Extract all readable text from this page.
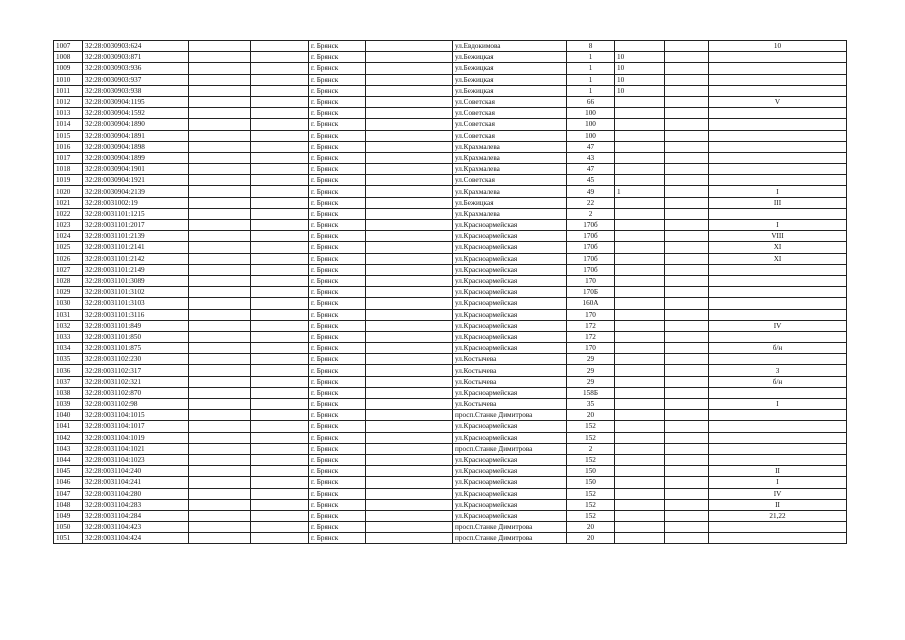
1007	32:28:0030903:624			г. Брянск		ул.Евдокимова	8			10
1008	32:28:0030903:871			г. Брянск		ул.Бежицкая	1	10		
1009	32:28:0030903:936			г. Брянск		ул.Бежицкая	1	10		
1010	32:28:0030903:937			г. Брянск		ул.Бежицкая	1	10		
1011	32:28:0030903:938			г. Брянск		ул.Бежицкая	1	10		
1012	32:28:0030904:1195			г. Брянск		ул.Советская	66			V
1013	32:28:0030904:1592			г. Брянск		ул.Советская	100			
1014	32:28:0030904:1890			г. Брянск		ул.Советская	100			
1015	32:28:0030904:1891			г. Брянск		ул.Советская	100			
1016	32:28:0030904:1898			г. Брянск		ул.Крахмалева	47			
1017	32:28:0030904:1899			г. Брянск		ул.Крахмалева	43			
1018	32:28:0030904:1901			г. Брянск		ул.Крахмалева	47			
1019	32:28:0030904:1921			г. Брянск		ул.Советская	45			
1020	32:28:0030904:2139			г. Брянск		ул.Крахмалева	49	1		I
1021	32:28:0031002:19			г. Брянск		ул.Бежицкая	22			III
1022	32:28:0031101:1215			г. Брянск		ул.Крахмалева	2			
1023	32:28:0031101:2017			г. Брянск		ул.Красноармейская	170б			I
1024	32:28:0031101:2139			г. Брянск		ул.Красноармейская	170б			VIII
1025	32:28:0031101:2141			г. Брянск		ул.Красноармейская	170б			XI
1026	32:28:0031101:2142			г. Брянск		ул.Красноармейская	170б			XI
1027	32:28:0031101:2149			г. Брянск		ул.Красноармейская	170б			
1028	32:28:0031101:3089			г. Брянск		ул.Красноармейская	170			
1029	32:28:0031101:3102			г. Брянск		ул.Красноармейская	170Б			
1030	32:28:0031101:3103			г. Брянск		ул.Красноармейская	160А			
1031	32:28:0031101:3116			г. Брянск		ул.Красноармейская	170			
1032	32:28:0031101:849			г. Брянск		ул.Красноармейская	172			IV
1033	32:28:0031101:850			г. Брянск		ул.Красноармейская	172			
1034	32:28:0031101:875			г. Брянск		ул.Красноармейская	170			б/н
1035	32:28:0031102:230			г. Брянск		ул.Костычева	29			
1036	32:28:0031102:317			г. Брянск		ул.Костычева	29			3
1037	32:28:0031102:321			г. Брянск		ул.Костычева	29			б/н
1038	32:28:0031102:870			г. Брянск		ул.Красноармейская	158Б			
1039	32:28:0031102:98			г. Брянск		ул.Костычева	35			I
1040	32:28:0031104:1015			г. Брянск		просп.Станке Димитрова	20			
1041	32:28:0031104:1017			г. Брянск		ул.Красноармейская	152			
1042	32:28:0031104:1019			г. Брянск		ул.Красноармейская	152			
1043	32:28:0031104:1021			г. Брянск		просп.Станке Димитрова	2			
1044	32:28:0031104:1023			г. Брянск		ул.Красноармейская	152			
1045	32:28:0031104:240			г. Брянск		ул.Красноармейская	150			II
1046	32:28:0031104:241			г. Брянск		ул.Красноармейская	150			I
1047	32:28:0031104:280			г. Брянск		ул.Красноармейская	152			IV
1048	32:28:0031104:283			г. Брянск		ул.Красноармейская	152			II
1049	32:28:0031104:284			г. Брянск		ул.Красноармейская	152			21,22
1050	32:28:0031104:423			г. Брянск		просп.Станке Димитрова	20			
1051	32:28:0031104:424			г. Брянск		просп.Станке Димитрова	20			
